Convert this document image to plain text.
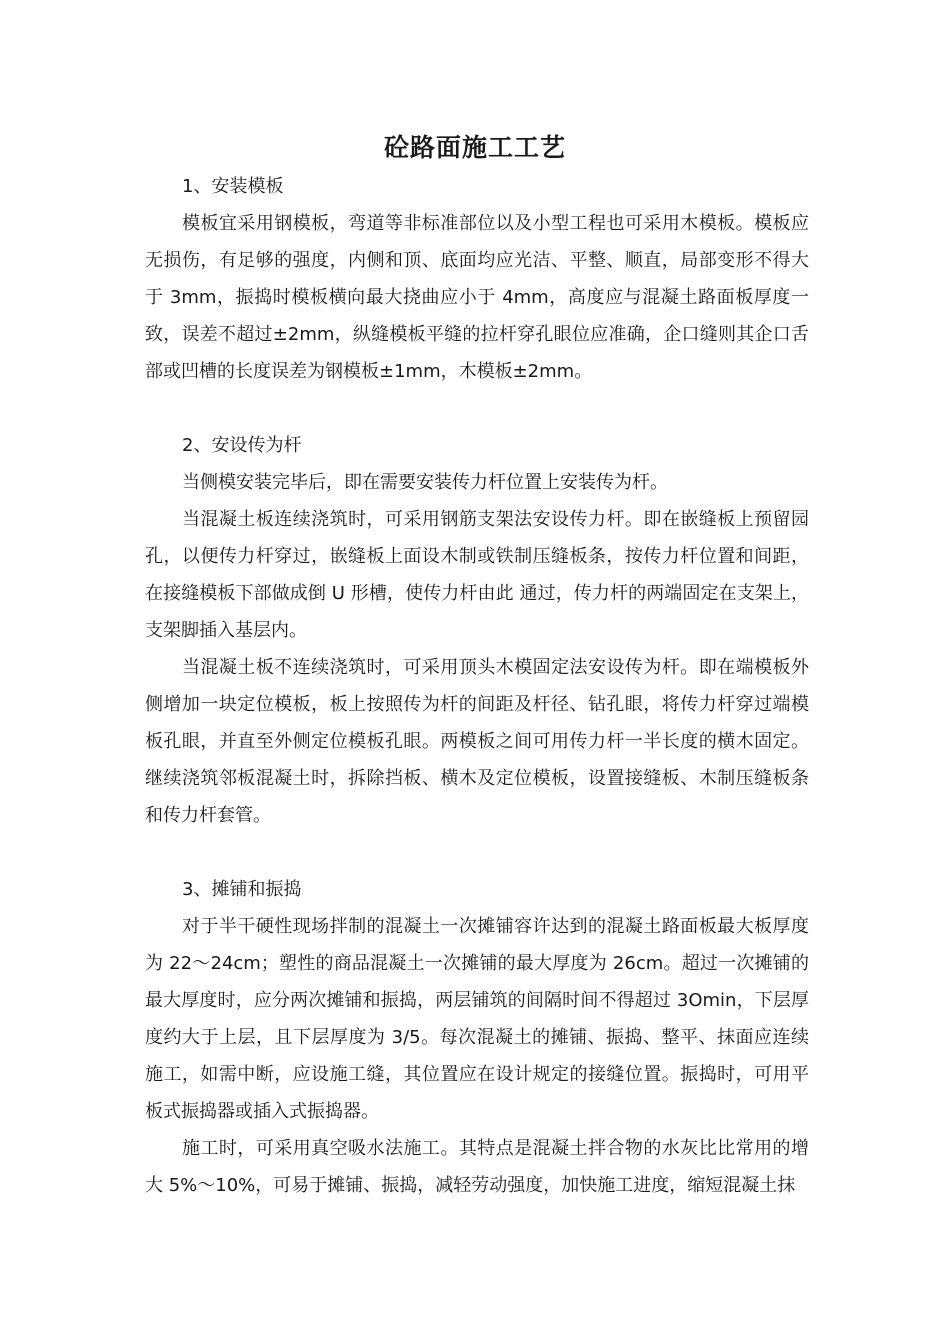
砼路面施工工艺

1、安装模板

模板宜采用钢模板，弯道等非标准部位以及小型工程也可采用木模板。模板应无损伤，有足够的强度，内侧和顶、底面均应光洁、平整、顺直，局部变形不得大于 3mm，振捣时模板横向最大挠曲应小于 4mm，高度应与混凝土路面板厚度一致，误差不超过±2mm，纵缝模板平缝的拉杆穿孔眼位应准确，企口缝则其企口舌部或凹槽的长度误差为钢模板±1mm，木模板±2mm。

2、安设传为杆

当侧模安装完毕后，即在需要安装传力杆位置上安装传为杆。

当混凝土板连续浇筑时，可采用钢筋支架法安设传力杆。即在嵌缝板上预留园孔，以便传力杆穿过，嵌缝板上面设木制或铁制压缝板条，按传力杆位置和间距，在接缝模板下部做成倒 U 形槽，使传力杆由此 通过，传力杆的两端固定在支架上，支架脚插入基层内。

当混凝土板不连续浇筑时，可采用顶头木模固定法安设传为杆。即在端模板外侧增加一块定位模板，板上按照传为杆的间距及杆径、钻孔眼，将传力杆穿过端模板孔眼，并直至外侧定位模板孔眼。两模板之间可用传力杆一半长度的横木固定。继续浇筑邻板混凝土时，拆除挡板、横木及定位模板，设置接缝板、木制压缝板条和传力杆套管。

3、摊铺和振捣

对于半干硬性现场拌制的混凝土一次摊铺容许达到的混凝土路面板最大板厚度为 22～24cm；塑性的商品混凝土一次摊铺的最大厚度为 26cm。超过一次摊铺的最大厚度时，应分两次摊铺和振捣，两层铺筑的间隔时间不得超过 3Omin，下层厚度约大于上层，且下层厚度为 3/5。每次混凝土的摊铺、振捣、整平、抹面应连续施工，如需中断，应设施工缝，其位置应在设计规定的接缝位置。振捣时，可用平板式振捣器或插入式振捣器。

施工时，可采用真空吸水法施工。其特点是混凝土拌合物的水灰比比常用的增大 5%～10%，可易于摊铺、振捣，减轻劳动强度，加快施工进度，缩短混凝土抹
